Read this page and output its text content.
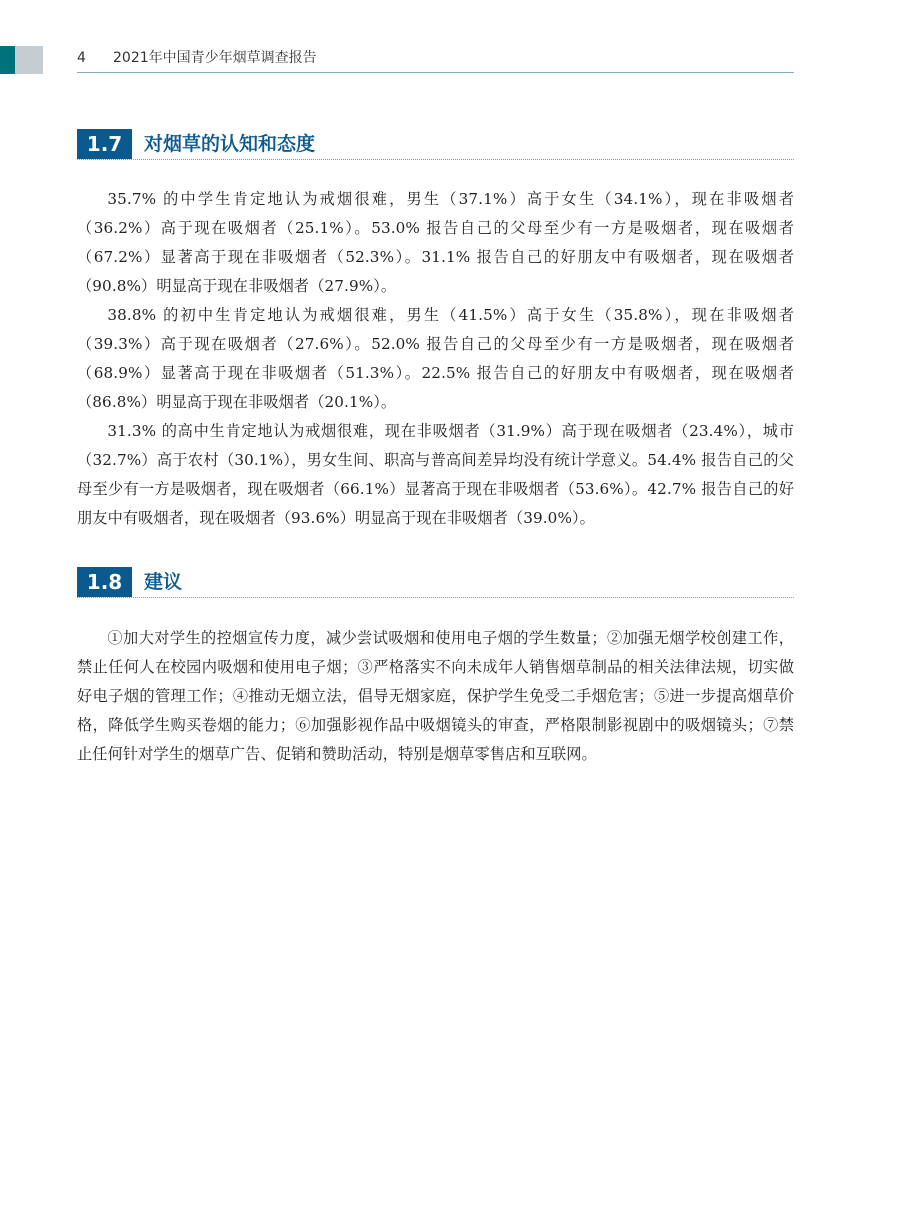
4 2021年中国青少年烟草调查报告
1.7	对烟草的认知和态度

35.7% 的中学生肯定地认为戒烟很难，男生（37.1%）高于女生（34.1%），现在非吸烟者（36.2%）高于现在吸烟者（25.1%）。53.0% 报告自己的父母至少有一方是吸烟者，现在吸烟者（67.2%）显著高于现在非吸烟者（52.3%）。31.1% 报告自己的好朋友中有吸烟者，现在吸烟者（90.8%）明显高于现在非吸烟者（27.9%）。

38.8% 的初中生肯定地认为戒烟很难，男生（41.5%）高于女生（35.8%），现在非吸烟者（39.3%）高于现在吸烟者（27.6%）。52.0% 报告自己的父母至少有一方是吸烟者，现在吸烟者（68.9%）显著高于现在非吸烟者（51.3%）。22.5% 报告自己的好朋友中有吸烟者，现在吸烟者（86.8%）明显高于现在非吸烟者（20.1%）。

31.3% 的高中生肯定地认为戒烟很难，现在非吸烟者（31.9%）高于现在吸烟者（23.4%），城市（32.7%）高于农村（30.1%），男女生间、职高与普高间差异均没有统计学意义。54.4% 报告自己的父母至少有一方是吸烟者，现在吸烟者（66.1%）显著高于现在非吸烟者（53.6%）。42.7% 报告自己的好朋友中有吸烟者，现在吸烟者（93.6%）明显高于现在非吸烟者（39.0%）。

1.8	建议

①加大对学生的控烟宣传力度，减少尝试吸烟和使用电子烟的学生数量；②加强无烟学校创建工作，禁止任何人在校园内吸烟和使用电子烟；③严格落实不向未成年人销售烟草制品的相关法律法规，切实做好电子烟的管理工作；④推动无烟立法，倡导无烟家庭，保护学生免受二手烟危害；⑤进一步提高烟草价格，降低学生购买卷烟的能力；⑥加强影视作品中吸烟镜头的审查，严格限制影视剧中的吸烟镜头；⑦禁止任何针对学生的烟草广告、促销和赞助活动，特别是烟草零售店和互联网。
